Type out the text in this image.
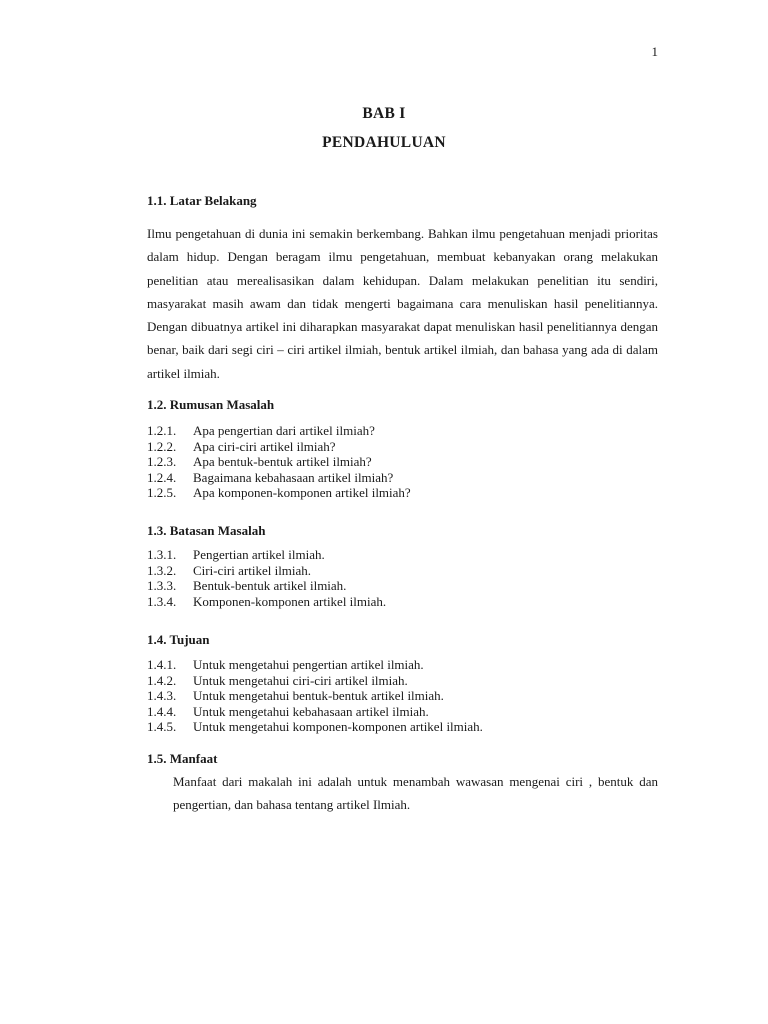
1
BAB I
PENDAHULUAN
1.1. Latar Belakang

Ilmu pengetahuan di dunia ini semakin berkembang. Bahkan ilmu pengetahuan menjadi prioritas dalam hidup. Dengan beragam ilmu pengetahuan, membuat kebanyakan orang melakukan penelitian atau merealisasikan dalam kehidupan. Dalam melakukan penelitian itu sendiri, masyarakat masih awam dan tidak mengerti bagaimana cara menuliskan hasil penelitiannya. Dengan dibuatnya artikel ini diharapkan masyarakat dapat menuliskan hasil penelitiannya dengan benar, baik dari segi ciri – ciri artikel ilmiah, bentuk artikel ilmiah, dan bahasa yang ada di dalam artikel ilmiah.

1.2. Rumusan Masalah
1.2.1.	Apa pengertian dari artikel ilmiah?
1.2.2.	Apa ciri-ciri artikel ilmiah?
1.2.3.	Apa bentuk-bentuk artikel ilmiah?
1.2.4.	Bagaimana kebahasaan artikel ilmiah?
1.2.5.	Apa komponen-komponen artikel ilmiah?
1.3. Batasan Masalah
1.3.1.	Pengertian artikel ilmiah.
1.3.2.	Ciri-ciri artikel ilmiah.
1.3.3.	Bentuk-bentuk artikel ilmiah.
1.3.4.	Komponen-komponen artikel ilmiah.
1.4. Tujuan
1.4.1.	Untuk mengetahui pengertian artikel ilmiah.
1.4.2.	Untuk mengetahui ciri-ciri artikel ilmiah.
1.4.3.	Untuk mengetahui bentuk-bentuk artikel ilmiah.
1.4.4.	Untuk mengetahui kebahasaan artikel ilmiah.
1.4.5.	Untuk mengetahui komponen-komponen artikel ilmiah.
1.5. Manfaat

Manfaat dari makalah ini adalah untuk menambah wawasan mengenai ciri , bentuk dan pengertian, dan bahasa tentang artikel Ilmiah.
